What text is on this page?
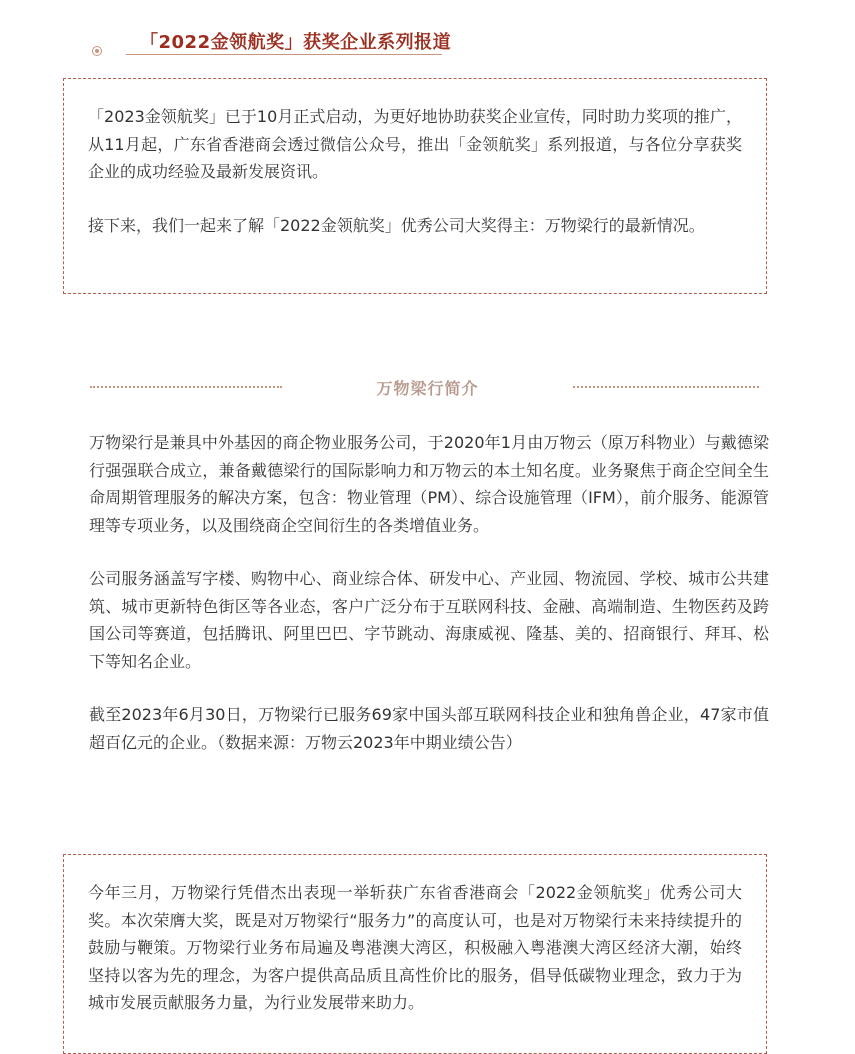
「2022金领航奖」获奖企业系列报道

「2023金领航奖」已于10月正式启动，为更好地协助获奖企业宣传，同时助力奖项的推广，从11月起，广东省香港商会透过微信公众号，推出「金领航奖」系列报道，与各位分享获奖企业的成功经验及最新发展资讯。

接下来，我们一起来了解「2022金领航奖」优秀公司大奖得主：万物梁行的最新情况。

万物梁行简介

万物梁行是兼具中外基因的商企物业服务公司，于2020年1月由万物云（原万科物业）与戴德梁行强强联合成立，兼备戴德梁行的国际影响力和万物云的本土知名度。业务聚焦于商企空间全生命周期管理服务的解决方案，包含：物业管理（PM）、综合设施管理（IFM），前介服务、能源管理等专项业务，以及围绕商企空间衍生的各类增值业务。

公司服务涵盖写字楼、购物中心、商业综合体、研发中心、产业园、物流园、学校、城市公共建筑、城市更新特色街区等各业态，客户广泛分布于互联网科技、金融、高端制造、生物医药及跨国公司等赛道，包括腾讯、阿里巴巴、字节跳动、海康威视、隆基、美的、招商银行、拜耳、松下等知名企业。

截至2023年6月30日，万物梁行已服务69家中国头部互联网科技企业和独角兽企业，47家市值超百亿元的企业。（数据来源：万物云2023年中期业绩公告）

今年三月，万物梁行凭借杰出表现一举斩获广东省香港商会「2022金领航奖」优秀公司大奖。本次荣膺大奖，既是对万物梁行“服务力”的高度认可，也是对万物梁行未来持续提升的鼓励与鞭策。万物梁行业务布局遍及粤港澳大湾区，积极融入粤港澳大湾区经济大潮，始终坚持以客为先的理念，为客户提供高品质且高性价比的服务，倡导低碳物业理念，致力于为城市发展贡献服务力量，为行业发展带来助力。
